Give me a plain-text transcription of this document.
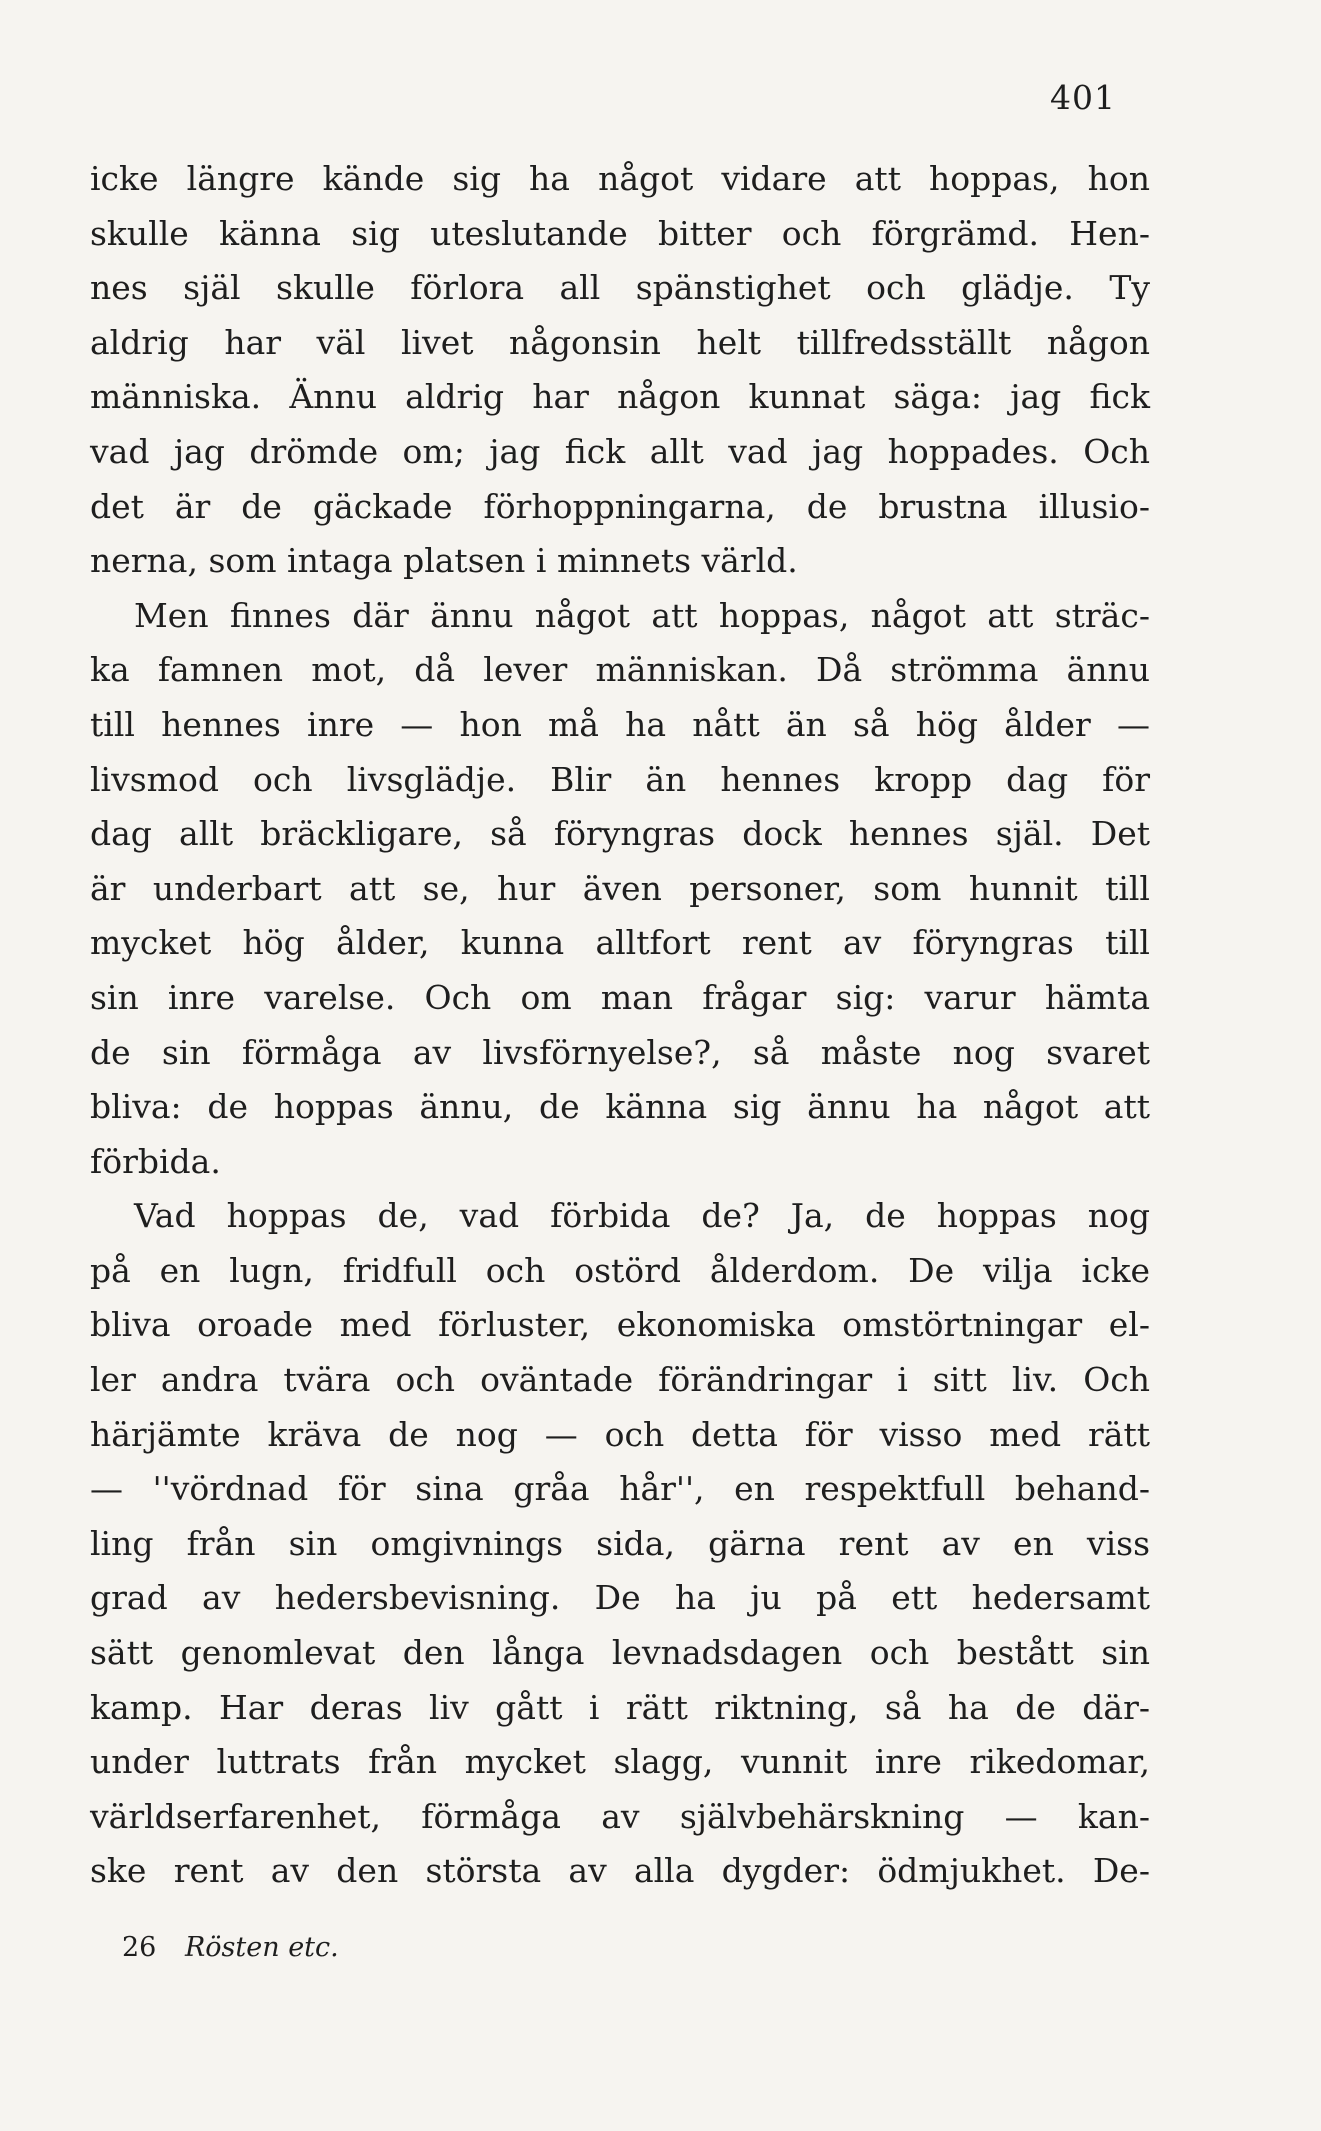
401
icke längre kände sig ha något vidare att hoppas, hon
skulle känna sig uteslutande bitter och förgrämd. Hen-
nes själ skulle förlora all spänstighet och glädje. Ty
aldrig har väl livet någonsin helt tillfredsställt någon
människa. Ännu aldrig har någon kunnat säga: jag fick
vad jag drömde om; jag fick allt vad jag hoppades. Och
det är de gäckade förhoppningarna, de brustna illusio-
nerna, som intaga platsen i minnets värld.
Men finnes där ännu något att hoppas, något att sträc-
ka famnen mot, då lever människan. Då strömma ännu
till hennes inre — hon må ha nått än så hög ålder —
livsmod och livsglädje. Blir än hennes kropp dag för
dag allt bräckligare, så föryngras dock hennes själ. Det
är underbart att se, hur även personer, som hunnit till
mycket hög ålder, kunna alltfort rent av föryngras till
sin inre varelse. Och om man frågar sig: varur hämta
de sin förmåga av livsförnyelse?, så måste nog svaret
bliva: de hoppas ännu, de känna sig ännu ha något att
förbida.
Vad hoppas de, vad förbida de? Ja, de hoppas nog
på en lugn, fridfull och ostörd ålderdom. De vilja icke
bliva oroade med förluster, ekonomiska omstörtningar el-
ler andra tvära och oväntade förändringar i sitt liv. Och
härjämte kräva de nog — och detta för visso med rätt
— ''vördnad för sina gråa hår'', en respektfull behand-
ling från sin omgivnings sida, gärna rent av en viss
grad av hedersbevisning. De ha ju på ett hedersamt
sätt genomlevat den långa levnadsdagen och bestått sin
kamp. Har deras liv gått i rätt riktning, så ha de där-
under luttrats från mycket slagg, vunnit inre rikedomar,
världserfarenhet, förmåga av självbehärskning — kan-
ske rent av den största av alla dygder: ödmjukhet. De-
26 Rösten etc.
